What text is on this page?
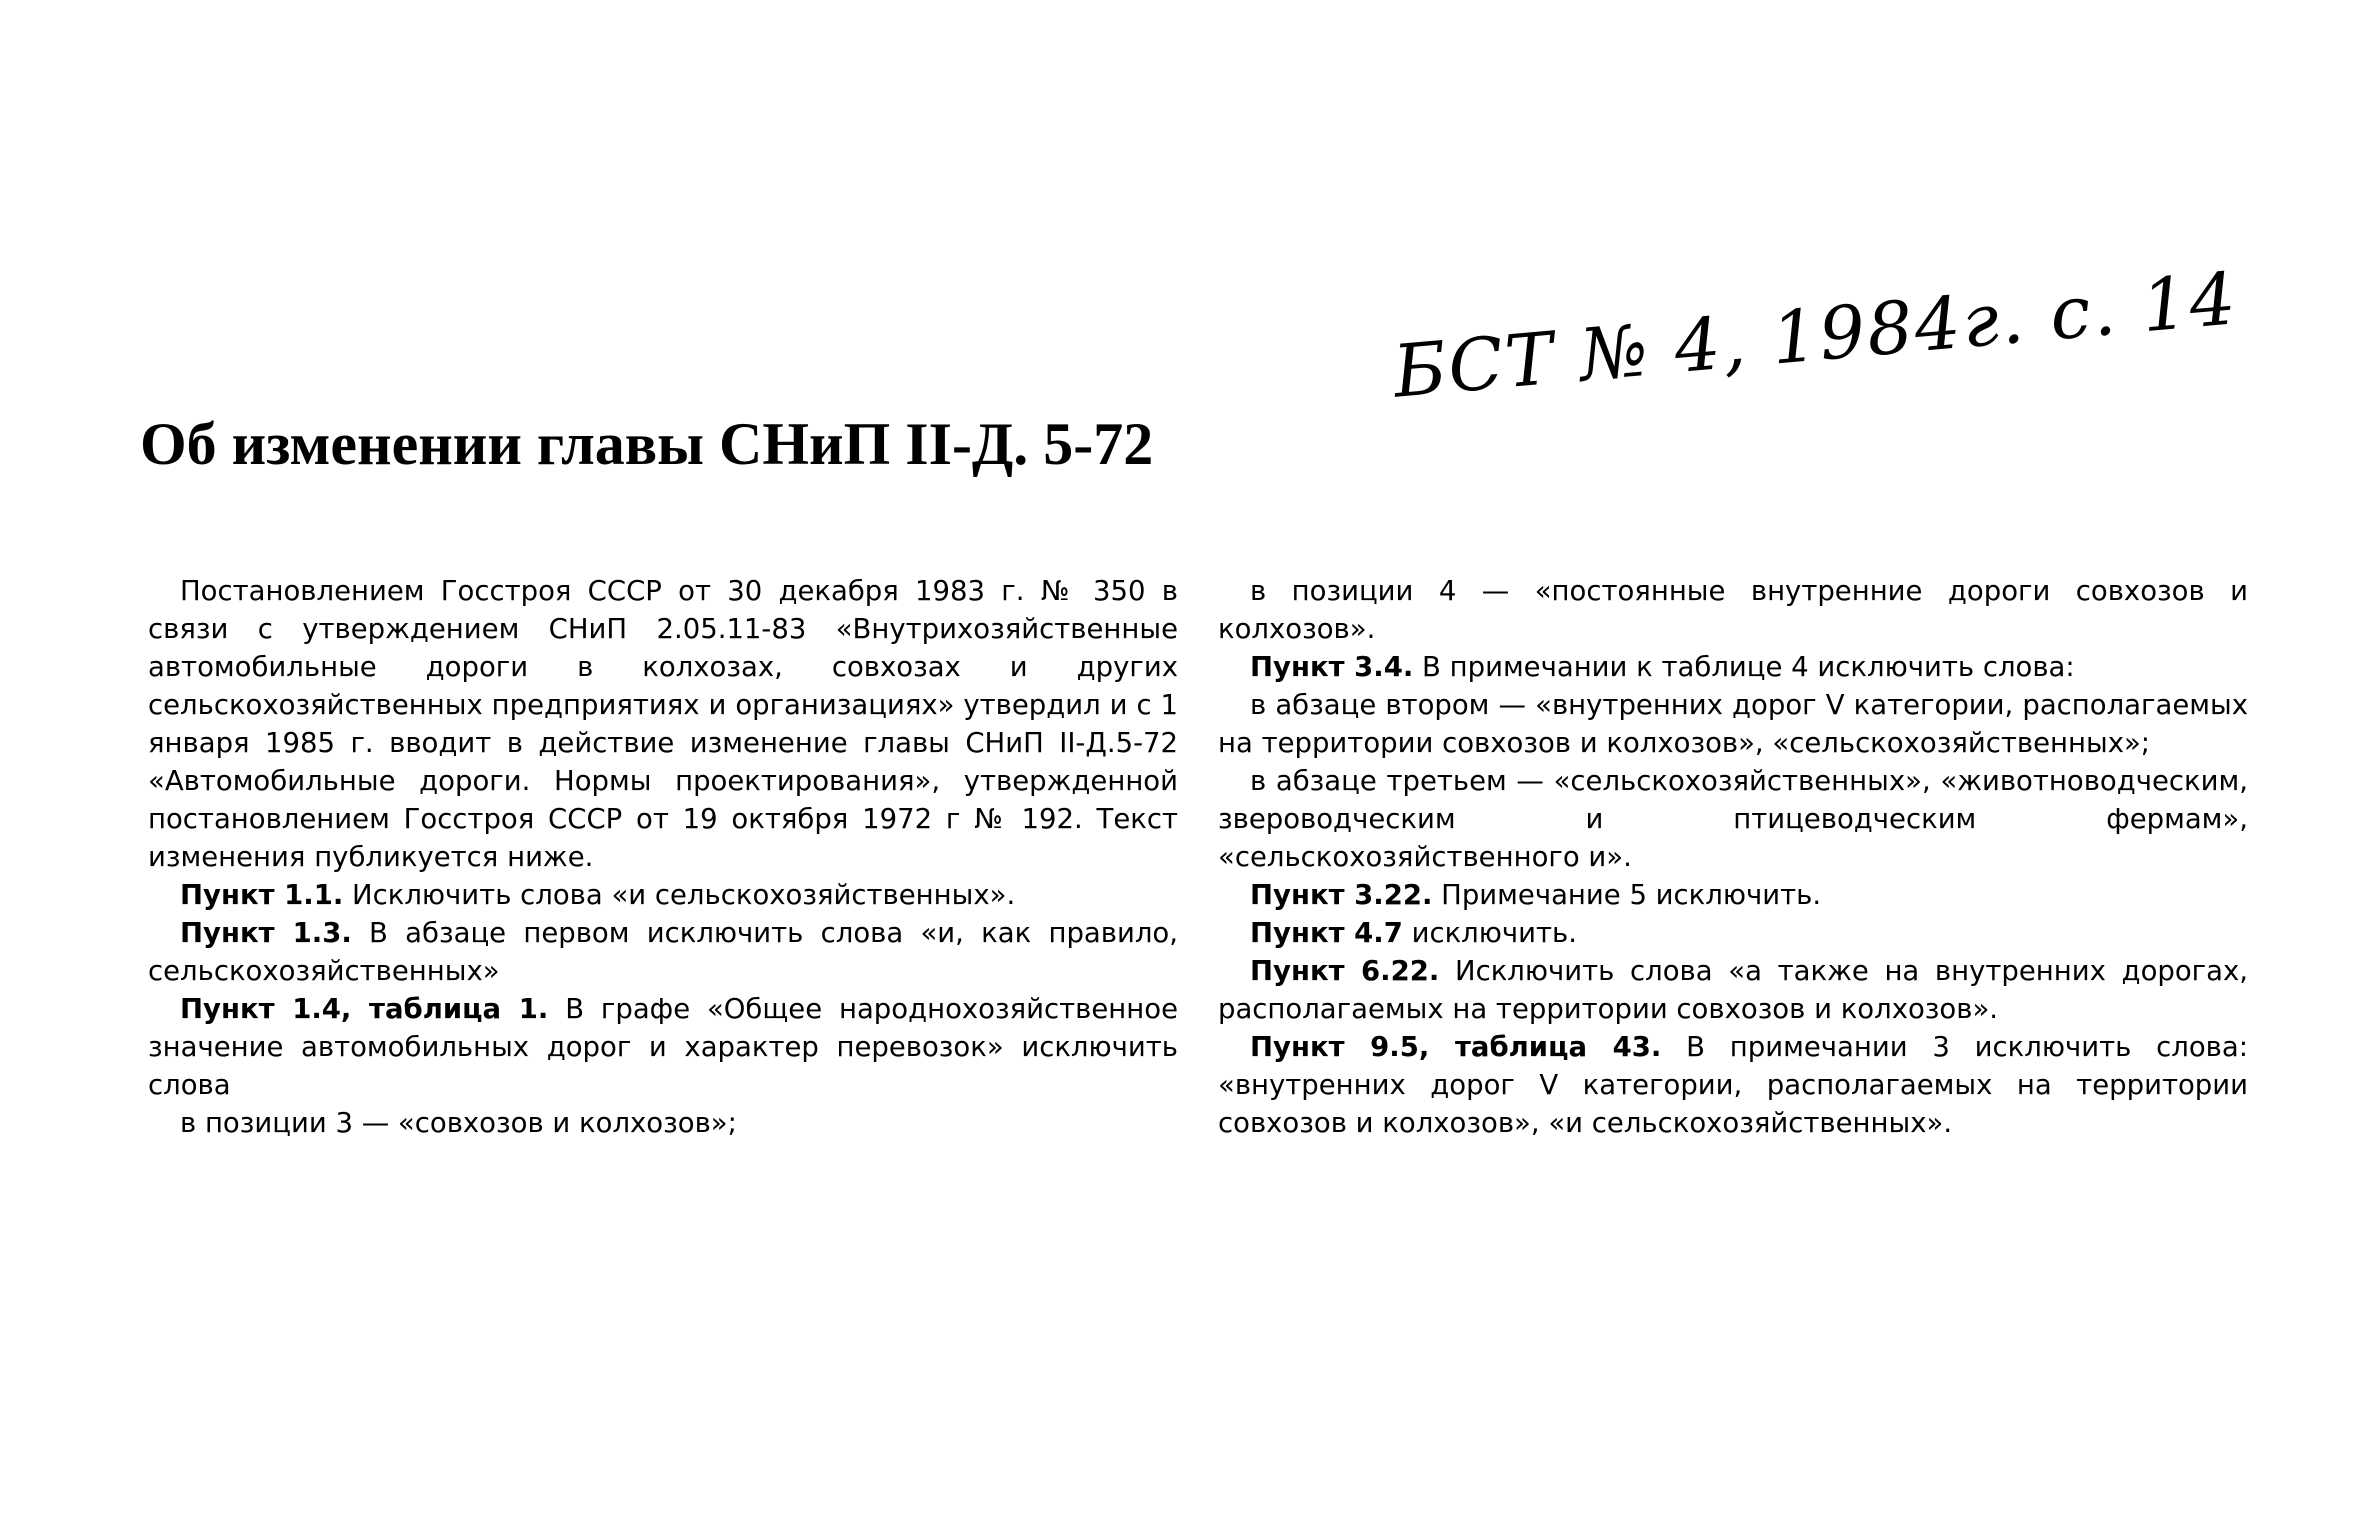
БСТ № 4, 1984г. с. 14
Об изменении главы СНиП II-Д. 5-72

Постановлением Госстроя СССР от 30 декабря 1983 г. № 350 в связи с утверждением СНиП 2.05.11-83 «Внутрихозяйственные автомобильные дороги в колхозах, совхозах и других сельскохозяйственных предприятиях и организациях» утвердил и с 1 января 1985 г. вводит в действие изменение главы СНиП II-Д.5-72 «Автомобильные дороги. Нормы проектирования», утвержденной постановлением Госстроя СССР от 19 октября 1972 г № 192. Текст изменения публикуется ниже.

Пункт 1.1. Исключить слова «и сельскохозяйственных».

Пункт 1.3. В абзаце первом исключить слова «и, как правило, сельскохозяйственных»

Пункт 1.4, таблица 1. В графе «Общее народнохозяйственное значение автомобильных дорог и характер перевозок» исключить слова

в позиции 3 — «совхозов и колхозов»;

в позиции 4 — «постоянные внутренние дороги совхозов и колхозов».

Пункт 3.4. В примечании к таблице 4 исключить слова:

в абзаце втором — «внутренних дорог V категории, располагаемых на территории совхозов и колхозов», «сельскохозяйственных»;

в абзаце третьем — «сельскохозяйственных», «животноводческим, звероводческим и птицеводческим фермам», «сельскохозяйственного и».

Пункт 3.22. Примечание 5 исключить.

Пункт 4.7 исключить.

Пункт 6.22. Исключить слова «а также на внутренних дорогах, располагаемых на территории совхозов и колхозов».

Пункт 9.5, таблица 43. В примечании 3 исключить слова: «внутренних дорог V категории, располагаемых на территории совхозов и колхозов», «и сельскохозяйственных».
